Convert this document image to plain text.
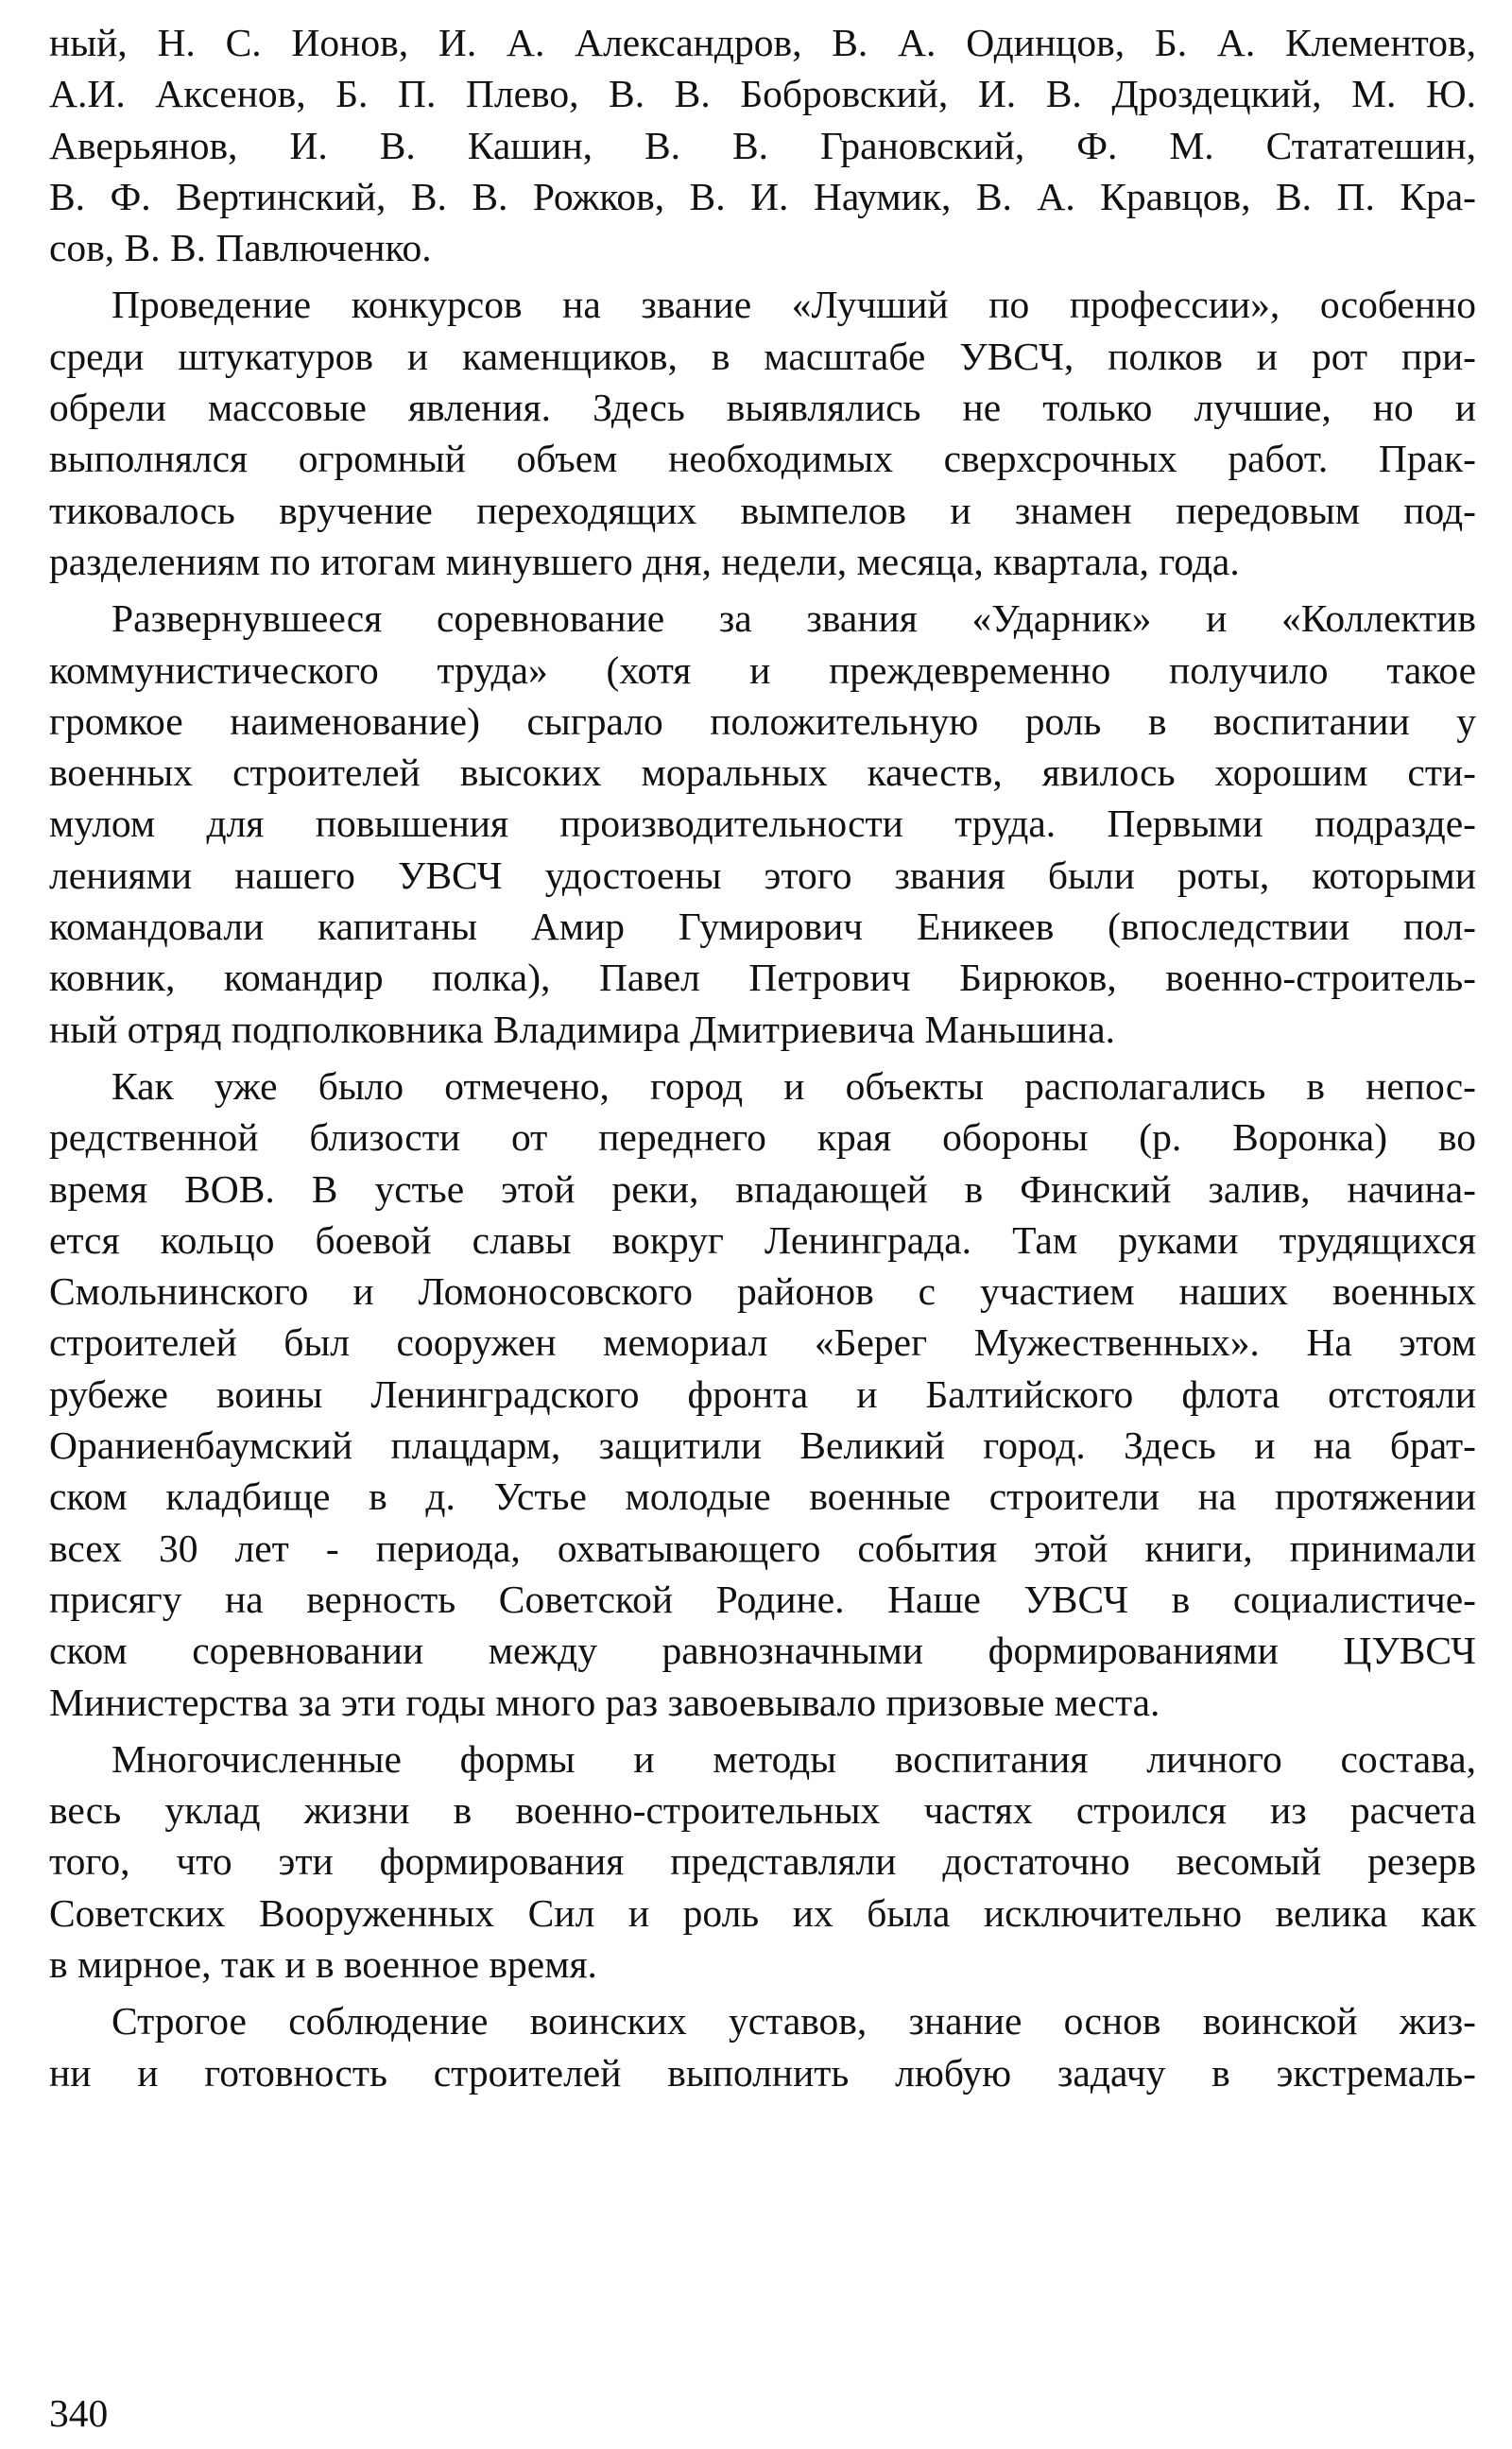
ный, Н. С. Ионов, И. А. Александров, В. А. Одинцов, Б. А. Клементов,
А.И. Аксенов, Б. П. Плево, В. В. Бобровский, И. В. Дроздецкий, М. Ю.
Аверьянов, И. В. Кашин, В. В. Грановский, Ф. М. Стататешин,
В. Ф. Вертинский, В. В. Рожков, В. И. Наумик, В. А. Кравцов, В. П. Кра-
сов, В. В. Павлюченко.
Проведение конкурсов на звание «Лучший по профессии», особенно
среди штукатуров и каменщиков, в масштабе УВСЧ, полков и рот при-
обрели массовые явления. Здесь выявлялись не только лучшие, но и
выполнялся огромный объем необходимых сверхсрочных работ. Прак-
тиковалось вручение переходящих вымпелов и знамен передовым под-
разделениям по итогам минувшего дня, недели, месяца, квартала, года.
Развернувшееся соревнование за звания «Ударник» и «Коллектив
коммунистического труда» (хотя и преждевременно получило такое
громкое наименование) сыграло положительную роль в воспитании у
военных строителей высоких моральных качеств, явилось хорошим сти-
мулом для повышения производительности труда. Первыми подразде-
лениями нашего УВСЧ удостоены этого звания были роты, которыми
командовали капитаны Амир Гумирович Еникеев (впоследствии пол-
ковник, командир полка), Павел Петрович Бирюков, военно-строитель-
ный отряд подполковника Владимира Дмитриевича Маньшина.
Как уже было отмечено, город и объекты располагались в непос-
редственной близости от переднего края обороны (р. Воронка) во
время ВОВ. В устье этой реки, впадающей в Финский залив, начина-
ется кольцо боевой славы вокруг Ленинграда. Там руками трудящихся
Смольнинского и Ломоносовского районов с участием наших военных
строителей был сооружен мемориал «Берег Мужественных». На этом
рубеже воины Ленинградского фронта и Балтийского флота отстояли
Ораниенбаумский плацдарм, защитили Великий город. Здесь и на брат-
ском кладбище в д. Устье молодые военные строители на протяжении
всех 30 лет - периода, охватывающего события этой книги, принимали
присягу на верность Советской Родине. Наше УВСЧ в социалистиче-
ском соревновании между равнозначными формированиями ЦУВСЧ
Министерства за эти годы много раз завоевывало призовые места.
Многочисленные формы и методы воспитания личного состава,
весь уклад жизни в военно-строительных частях строился из расчета
того, что эти формирования представляли достаточно весомый резерв
Советских Вооруженных Сил и роль их была исключительно велика как
в мирное, так и в военное время.
Строгое соблюдение воинских уставов, знание основ воинской жиз-
ни и готовность строителей выполнить любую задачу в экстремаль-
340
